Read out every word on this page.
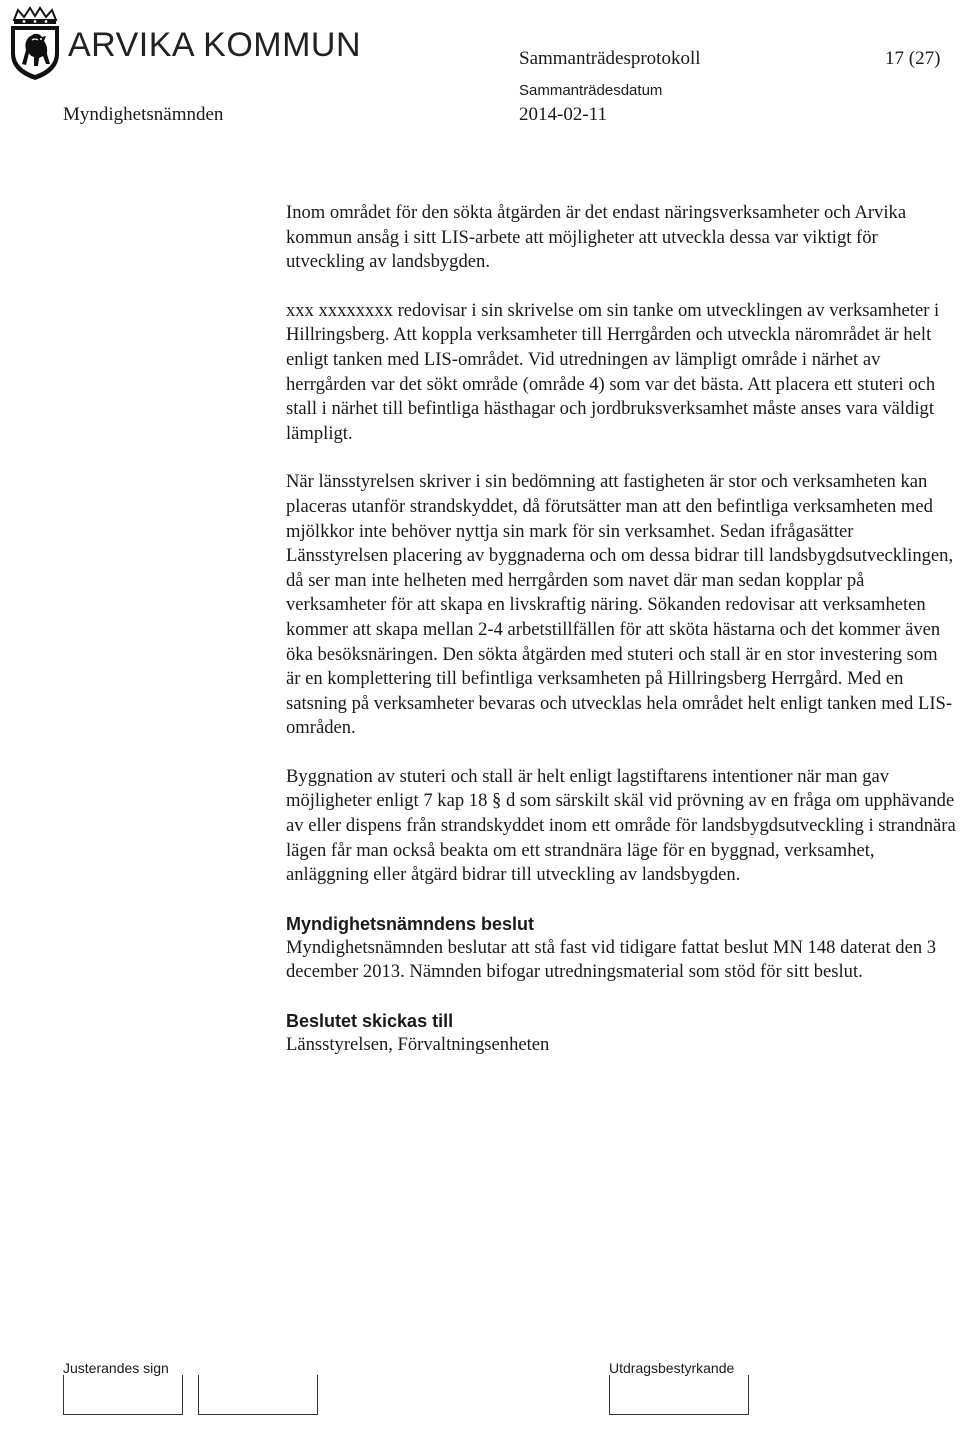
ARVIKA KOMMUN	Sammanträdesprotokoll	17 (27)
Myndighetsnämnden
Sammanträdesdatum
2014-02-11

Inom området för den sökta åtgärden är det endast näringsverksamheter och Arvika kommun ansåg i sitt LIS-arbete att möjligheter att utveckla dessa var viktigt för utveckling av landsbygden.

xxx xxxxxxxx redovisar i sin skrivelse om sin tanke om utvecklingen av verksamheter i Hillringsberg. Att koppla verksamheter till Herrgården och utveckla närområdet är helt enligt tanken med LIS-området. Vid utredningen av lämpligt område i närhet av herrgården var det sökt område (område 4) som var det bästa. Att placera ett stuteri och stall i närhet till befintliga hästhagar och jordbruksverksamhet måste anses vara väldigt lämpligt.

När länsstyrelsen skriver i sin bedömning att fastigheten är stor och verksamheten kan placeras utanför strandskyddet, då förutsätter man att den befintliga verksamheten med mjölkkor inte behöver nyttja sin mark för sin verksamhet. Sedan ifrågasätter Länsstyrelsen placering av byggnaderna och om dessa bidrar till landsbygdsutvecklingen, då ser man inte helheten med herrgården som navet där man sedan kopplar på verksamheter för att skapa en livskraftig näring. Sökanden redovisar att verksamheten kommer att skapa mellan 2-4 arbetstillfällen för att sköta hästarna och det kommer även öka besöksnäringen. Den sökta åtgärden med stuteri och stall är en stor investering som är en komplettering till befintliga verksamheten på Hillringsberg Herrgård. Med en satsning på verksamheter bevaras och utvecklas hela området helt enligt tanken med LIS-områden.

Byggnation av stuteri och stall är helt enligt lagstiftarens intentioner när man gav möjligheter enligt 7 kap 18 § d som särskilt skäl vid prövning av en fråga om upphävande av eller dispens från strandskyddet inom ett område för landsbygdsutveckling i strandnära lägen får man också beakta om ett strandnära läge för en byggnad, verksamhet, anläggning eller åtgärd bidrar till utveckling av landsbygden.

Myndighetsnämndens beslut

Myndighetsnämnden beslutar att stå fast vid tidigare fattat beslut MN 148 daterat den 3 december 2013. Nämnden bifogar utredningsmaterial som stöd för sitt beslut.

Beslutet skickas till

Länsstyrelsen, Förvaltningsenheten

Justerandes sign	Utdragsbestyrkande
